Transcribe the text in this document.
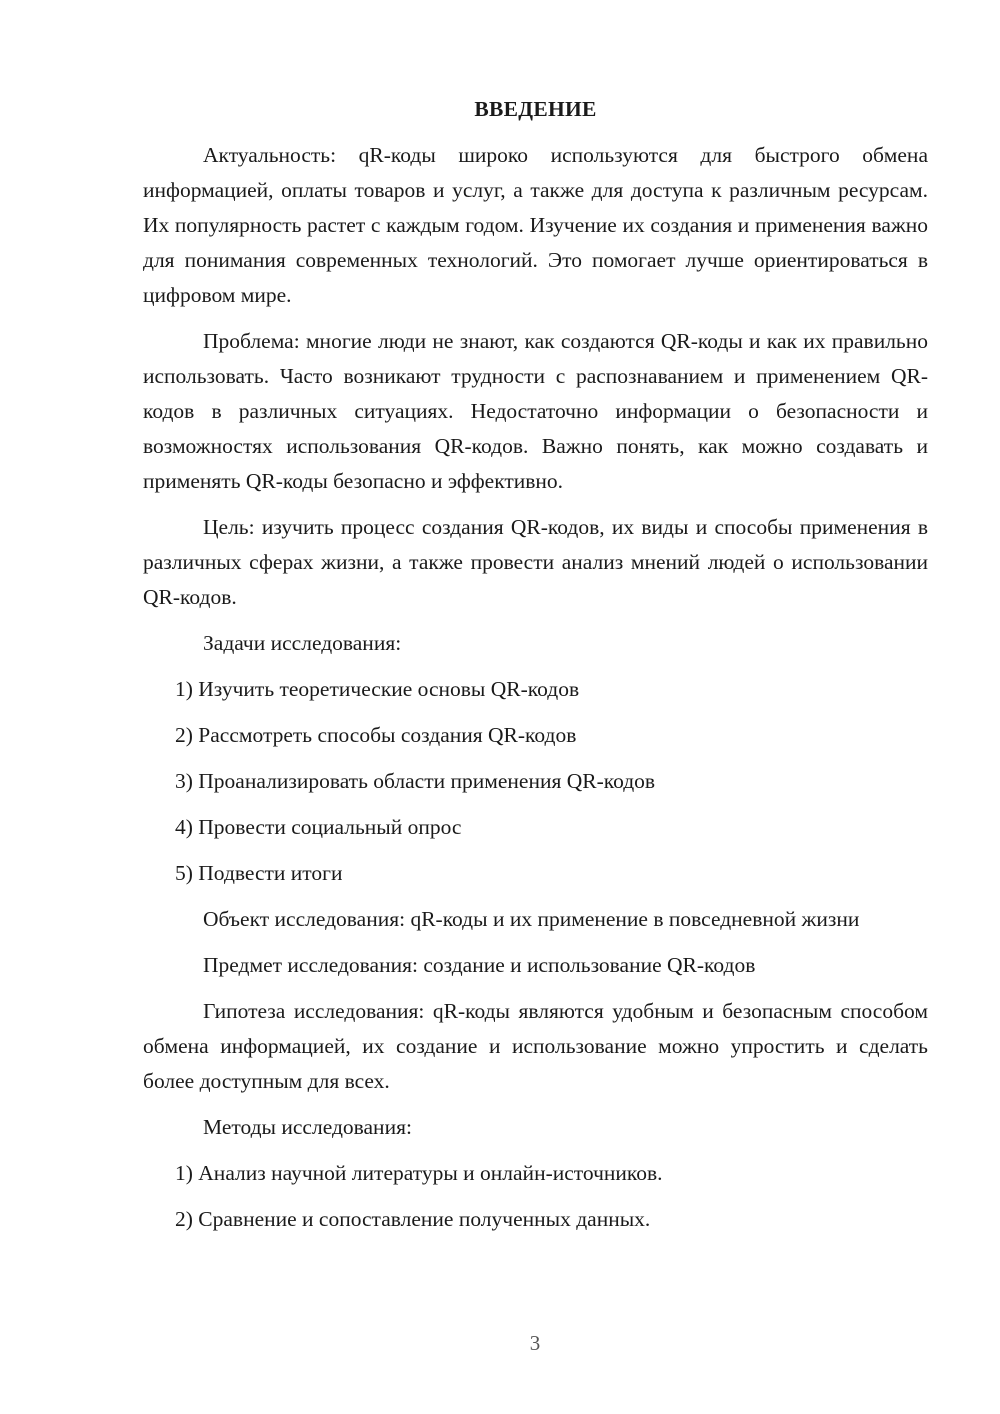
ВВЕДЕНИЕ
Актуальность: qR-коды широко используются для быстрого обмена информацией, оплаты товаров и услуг, а также для доступа к различным ресурсам. Их популярность растет с каждым годом. Изучение их создания и применения важно для понимания современных технологий. Это помогает лучше ориентироваться в цифровом мире.
Проблема: многие люди не знают, как создаются QR-коды и как их правильно использовать. Часто возникают трудности с распознаванием и применением QR-кодов в различных ситуациях. Недостаточно информации о безопасности и возможностях использования QR-кодов. Важно понять, как можно создавать и применять QR-коды безопасно и эффективно.
Цель: изучить процесс создания QR-кодов, их виды и способы применения в различных сферах жизни, а также провести анализ мнений людей о использовании QR-кодов.
Задачи исследования:
1) Изучить теоретические основы QR-кодов
2) Рассмотреть способы создания QR-кодов
3) Проанализировать области применения QR-кодов
4) Провести социальный опрос
5) Подвести итоги
Объект исследования: qR-коды и их применение в повседневной жизни
Предмет исследования: создание и использование QR-кодов
Гипотеза исследования: qR-коды являются удобным и безопасным способом обмена информацией, их создание и использование можно упростить и сделать более доступным для всех.
Методы исследования:
1) Анализ научной литературы и онлайн-источников.
2) Сравнение и сопоставление полученных данных.
3
